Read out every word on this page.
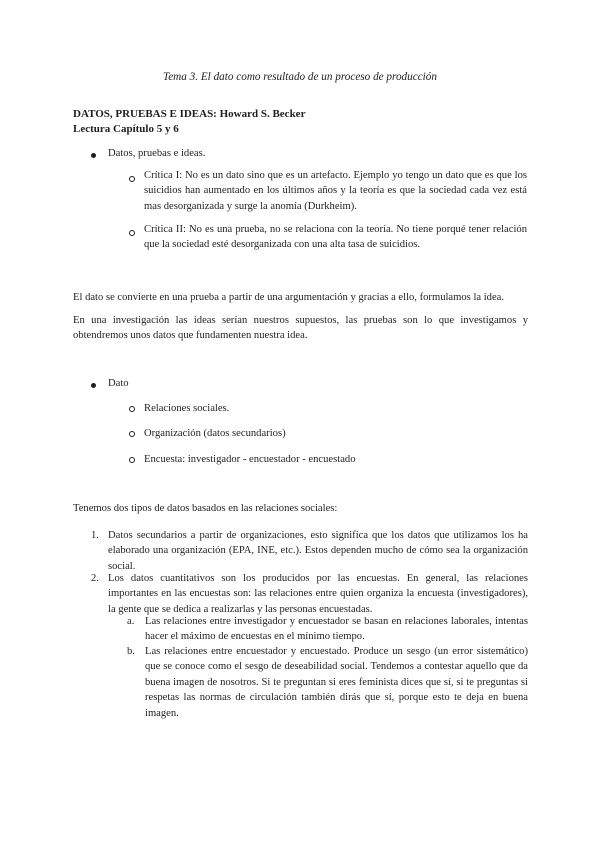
Tema 3. El dato como resultado de un proceso de producción
DATOS, PRUEBAS E IDEAS: Howard S. Becker
Lectura Capítulo 5 y 6
Datos, pruebas e ideas.
Crítica I: No es un dato sino que es un artefacto. Ejemplo yo tengo un dato que es que los suicidios han aumentado en los últimos años y la teoría es que la sociedad cada vez está mas desorganizada y surge la anomía (Durkheim).
Crítica II: No es una prueba, no se relaciona con la teoría. No tiene porqué tener relación que la sociedad esté desorganizada con una alta tasa de suicidios.
El dato se convierte en una prueba a partir de una argumentación y gracias a ello, formulamos la idea.
En una investigación las ideas serían nuestros supuestos, las pruebas son lo que investigamos y obtendremos unos datos que fundamenten nuestra idea.
Dato
Relaciones sociales.
Organización (datos secundarios)
Encuesta: investigador - encuestador - encuestado
Tenemos dos tipos de datos basados en las relaciones sociales:
1. Datos secundarios a partir de organizaciones, esto significa que los datos que utilizamos los ha elaborado una organización (EPA, INE, etc.). Estos dependen mucho de cómo sea la organización social.
2. Los datos cuantitativos son los producidos por las encuestas. En general, las relaciones importantes en las encuestas son: las relaciones entre quien organiza la encuesta (investigadores), la gente que se dedica a realizarlas y las personas encuestadas.
a. Las relaciones entre investigador y encuestador se basan en relaciones laborales, intentas hacer el máximo de encuestas en el mínimo tiempo.
b. Las relaciones entre encuestador y encuestado. Produce un sesgo (un error sistemático) que se conoce como el sesgo de deseabilidad social. Tendemos a contestar aquello que da buena imagen de nosotros. Si te preguntan si eres feminista dices que sí, si te preguntas si respetas las normas de circulación también dirás que sí, porque esto te deja en buena imagen.
